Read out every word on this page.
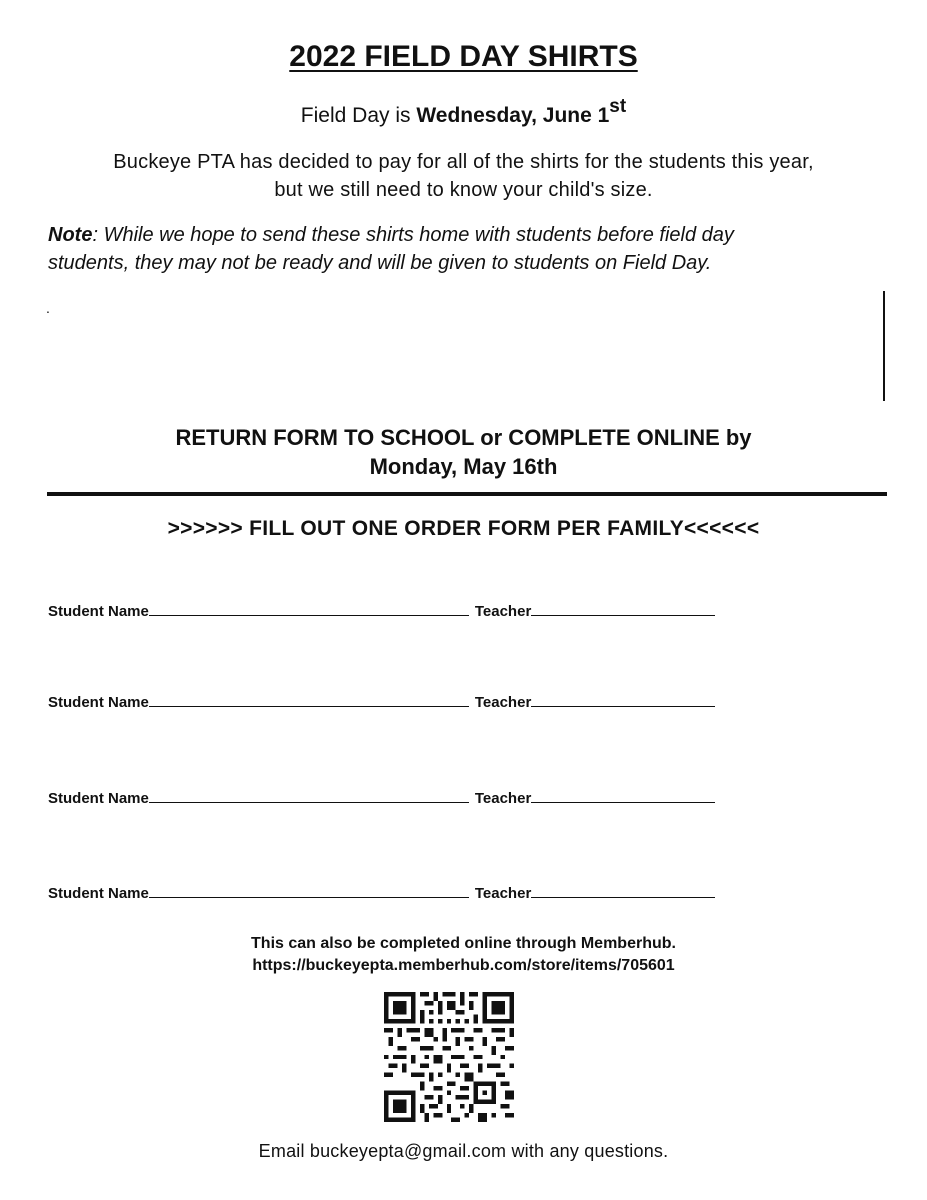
2022 FIELD DAY SHIRTS
Field Day is Wednesday, June 1st
Buckeye PTA has decided to pay for all of the shirts for the students this year,
but we still need to know your child's size.
Note: While we hope to send these shirts home with students before field day
students, they may not be ready and will be given to students on Field Day.
.
RETURN FORM TO SCHOOL or COMPLETE ONLINE by
Monday, May 16th
>>>>>> FILL OUT ONE ORDER FORM PER FAMILY<<<<<<
Student Name	Teacher
Student Name	Teacher
Student Name	Teacher
Student Name	Teacher
This can also be completed online through Memberhub.
https://buckeyepta.memberhub.com/store/items/705601
Email buckeyepta@gmail.com with any questions.
